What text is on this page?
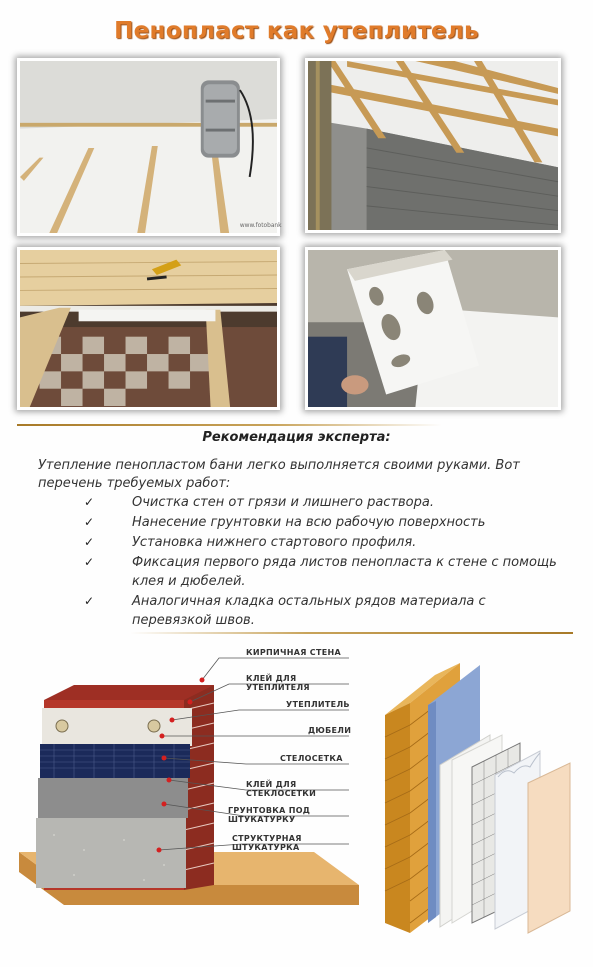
Пенопласт как утеплитель
www.fotobank
Рекомендация эксперта:
Утепление пенопластом бани легко выполняется своими руками. Вот перечень требуемых работ:
✓	Очистка стен от грязи и лишнего раствора.
✓	Нанесение грунтовки на всю рабочую поверхность
✓	Установка нижнего стартового профиля.
✓	Фиксация первого ряда листов пенопласта к стене с помощь клея и дюбелей.
✓	Аналогичная кладка остальных рядов материала с перевязкой швов.
КИРПИЧНАЯ СТЕНА
КЛЕЙ ДЛЯ УТЕПЛИТЕЛЯ
УТЕПЛИТЕЛЬ
ДЮБЕЛИ
СТЕЛОСЕТКА
КЛЕЙ ДЛЯ СТЕКЛОСЕТКИ
ГРУНТОВКА ПОД ШТУКАТУРКУ
СТРУКТУРНАЯ ШТУКАТУРКА
